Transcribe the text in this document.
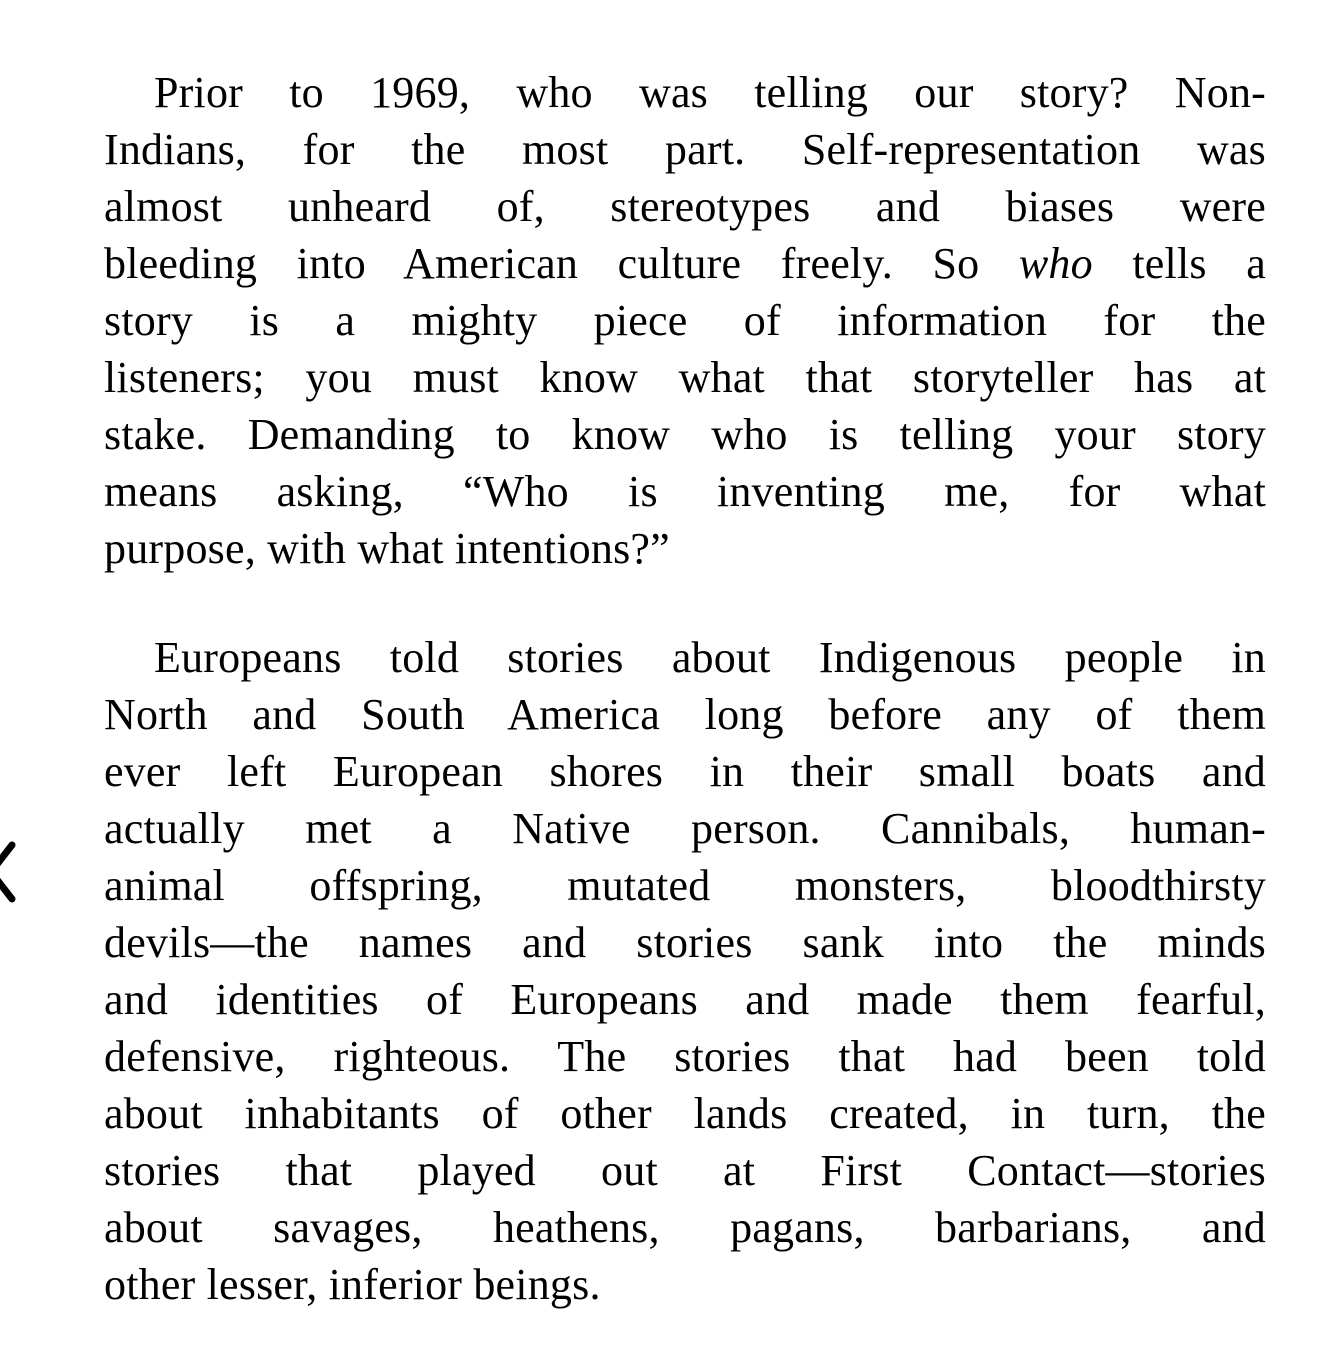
Prior to 1969, who was telling our story? Non-
Indians, for the most part. Self-representation was
almost unheard of, stereotypes and biases were
bleeding into American culture freely. So who tells a
story is a mighty piece of information for the
listeners; you must know what that storyteller has at
stake. Demanding to know who is telling your story
means asking, “Who is inventing me, for what
purpose, with what intentions?”
Europeans told stories about Indigenous people in
North and South America long before any of them
ever left European shores in their small boats and
actually met a Native person. Cannibals, human-
animal offspring, mutated monsters, bloodthirsty
devils—the names and stories sank into the minds
and identities of Europeans and made them fearful,
defensive, righteous. The stories that had been told
about inhabitants of other lands created, in turn, the
stories that played out at First Contact—stories
about savages, heathens, pagans, barbarians, and
other lesser, inferior beings.
